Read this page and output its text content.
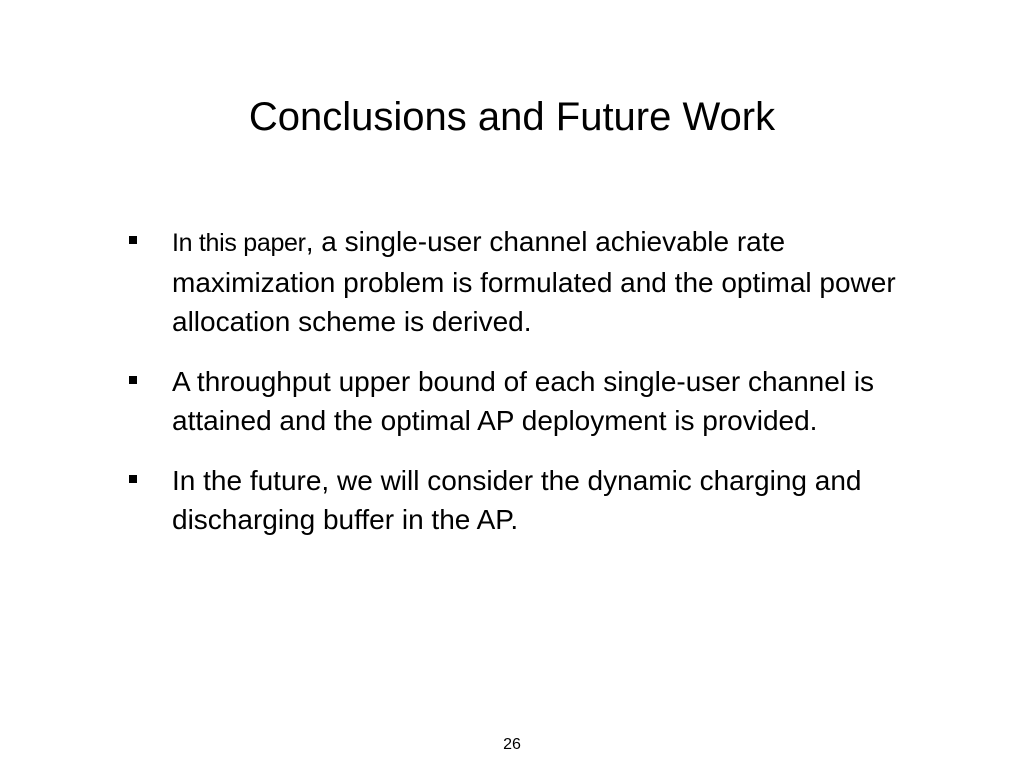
Conclusions and Future Work
In this paper, a single-user channel achievable rate maximization problem is formulated and the optimal power allocation scheme is derived.
A throughput upper bound of each single-user channel is attained and the optimal AP deployment is provided.
In the future, we will consider the dynamic charging and discharging buffer in the AP.
26
